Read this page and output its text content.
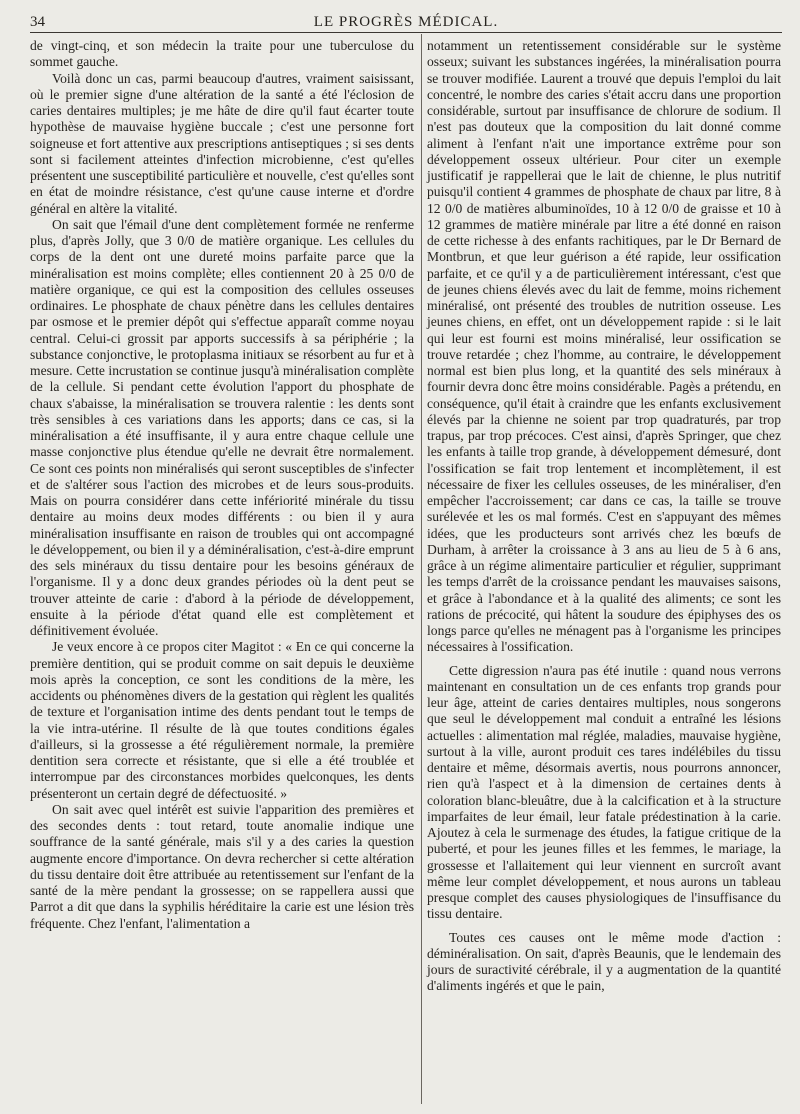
34	LE PROGRÈS MÉDICAL.

de vingt-cinq, et son médecin la traite pour une tuberculose du sommet gauche.

Voilà donc un cas, parmi beaucoup d'autres, vraiment saisissant, où le premier signe d'une altération de la santé a été l'éclosion de caries dentaires multiples; je me hâte de dire qu'il faut écarter toute hypothèse de mauvaise hygiène buccale ; c'est une personne fort soigneuse et fort attentive aux prescriptions antiseptiques ; si ses dents sont si facilement atteintes d'infection microbienne, c'est qu'elles présentent une susceptibilité particulière et nouvelle, c'est qu'elles sont en état de moindre résistance, c'est qu'une cause interne et d'ordre général en altère la vitalité.

On sait que l'émail d'une dent complètement formée ne renferme plus, d'après Jolly, que 3 0/0 de matière organique. Les cellules du corps de la dent ont une dureté moins parfaite parce que la minéralisation est moins complète; elles contiennent 20 à 25 0/0 de matière organique, ce qui est la composition des cellules osseuses ordinaires. Le phosphate de chaux pénètre dans les cellules dentaires par osmose et le premier dépôt qui s'effectue apparaît comme noyau central. Celui-ci grossit par apports successifs à sa périphérie ; la substance conjonctive, le protoplasma initiaux se résorbent au fur et à mesure. Cette incrustation se continue jusqu'à minéralisation complète de la cellule. Si pendant cette évolution l'apport du phosphate de chaux s'abaisse, la minéralisation se trouvera ralentie : les dents sont très sensibles à ces variations dans les apports; dans ce cas, si la minéralisation a été insuffisante, il y aura entre chaque cellule une masse conjonctive plus étendue qu'elle ne devrait être normalement. Ce sont ces points non minéralisés qui seront susceptibles de s'infecter et de s'altérer sous l'action des microbes et de leurs sous-produits. Mais on pourra considérer dans cette infériorité minérale du tissu dentaire au moins deux modes différents : ou bien il y aura minéralisation insuffisante en raison de troubles qui ont accompagné le développement, ou bien il y a déminéralisation, c'est-à-dire emprunt des sels minéraux du tissu dentaire pour les besoins généraux de l'organisme. Il y a donc deux grandes périodes où la dent peut se trouver atteinte de carie : d'abord à la période de développement, ensuite à la période d'état quand elle est complètement et définitivement évoluée.

Je veux encore à ce propos citer Magitot : « En ce qui concerne la première dentition, qui se produit comme on sait depuis le deuxième mois après la conception, ce sont les conditions de la mère, les accidents ou phénomènes divers de la gestation qui règlent les qualités de texture et l'organisation intime des dents pendant tout le temps de la vie intra-utérine. Il résulte de là que toutes conditions égales d'ailleurs, si la grossesse a été régulièrement normale, la première dentition sera correcte et résistante, que si elle a été troublée et interrompue par des circonstances morbides quelconques, les dents présenteront un certain degré de défectuosité. »

On sait avec quel intérêt est suivie l'apparition des premières et des secondes dents : tout retard, toute anomalie indique une souffrance de la santé générale, mais s'il y a des caries la question augmente encore d'importance. On devra rechercher si cette altération du tissu dentaire doit être attribuée au retentissement sur l'enfant de la santé de la mère pendant la grossesse; on se rappellera aussi que Parrot a dit que dans la syphilis héréditaire la carie est une lésion très fréquente. Chez l'enfant, l'alimentation a

notamment un retentissement considérable sur le système osseux; suivant les substances ingérées, la minéralisation pourra se trouver modifiée. Laurent a trouvé que depuis l'emploi du lait concentré, le nombre des caries s'était accru dans une proportion considérable, surtout par insuffisance de chlorure de sodium. Il n'est pas douteux que la composition du lait donné comme aliment à l'enfant n'ait une importance extrême pour son développement osseux ultérieur. Pour citer un exemple justificatif je rappellerai que le lait de chienne, le plus nutritif puisqu'il contient 4 grammes de phosphate de chaux par litre, 8 à 12 0/0 de matières albuminoïdes, 10 à 12 0/0 de graisse et 10 à 12 grammes de matière minérale par litre a été donné en raison de cette richesse à des enfants rachitiques, par le Dr Bernard de Montbrun, et que leur guérison a été rapide, leur ossification parfaite, et ce qu'il y a de particulièrement intéressant, c'est que de jeunes chiens élevés avec du lait de femme, moins richement minéralisé, ont présenté des troubles de nutrition osseuse. Les jeunes chiens, en effet, ont un développement rapide : si le lait qui leur est fourni est moins minéralisé, leur ossification se trouve retardée ; chez l'homme, au contraire, le développement normal est bien plus long, et la quantité des sels minéraux à fournir devra donc être moins considérable. Pagès a prétendu, en conséquence, qu'il était à craindre que les enfants exclusivement élevés par la chienne ne soient par trop quadraturés, par trop trapus, par trop précoces. C'est ainsi, d'après Springer, que chez les enfants à taille trop grande, à développement démesuré, dont l'ossification se fait trop lentement et incomplètement, il est nécessaire de fixer les cellules osseuses, de les minéraliser, d'en empêcher l'accroissement; car dans ce cas, la taille se trouve surélevée et les os mal formés. C'est en s'appuyant des mêmes idées, que les producteurs sont arrivés chez les bœufs de Durham, à arrêter la croissance à 3 ans au lieu de 5 à 6 ans, grâce à un régime alimentaire particulier et régulier, supprimant les temps d'arrêt de la croissance pendant les mauvaises saisons, et grâce à l'abondance et à la qualité des aliments; ce sont les rations de précocité, qui hâtent la soudure des épiphyses des os longs parce qu'elles ne ménagent pas à l'organisme les principes nécessaires à l'ossification.

Cette digression n'aura pas été inutile : quand nous verrons maintenant en consultation un de ces enfants trop grands pour leur âge, atteint de caries dentaires multiples, nous songerons que seul le développement mal conduit a entraîné les lésions actuelles : alimentation mal réglée, maladies, mauvaise hygiène, surtout à la ville, auront produit ces tares indélébiles du tissu dentaire et même, désormais avertis, nous pourrons annoncer, rien qu'à l'aspect et à la dimension de certaines dents à coloration blanc-bleuâtre, due à la calcification et à la structure imparfaites de leur émail, leur fatale prédestination à la carie. Ajoutez à cela le surmenage des études, la fatigue critique de la puberté, et pour les jeunes filles et les femmes, le mariage, la grossesse et l'allaitement qui leur viennent en surcroît avant même leur complet développement, et nous aurons un tableau presque complet des causes physiologiques de l'insuffisance du tissu dentaire.

Toutes ces causes ont le même mode d'action : déminéralisation. On sait, d'après Beaunis, que le lendemain des jours de suractivité cérébrale, il y a augmentation de la quantité d'aliments ingérés et que le pain,
